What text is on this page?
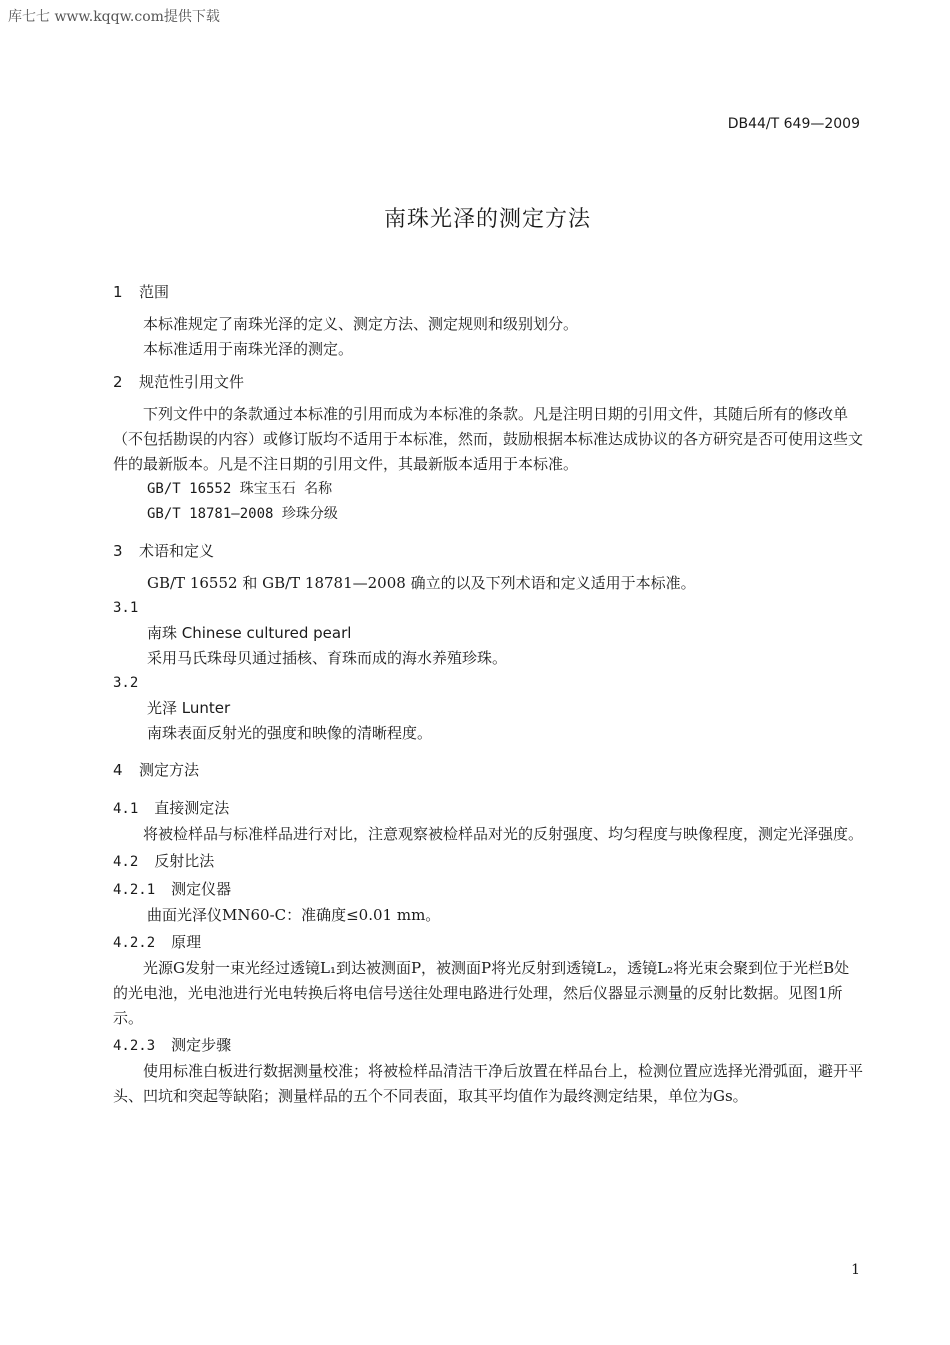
库七七 www.kqqw.com提供下载
DB44/T 649—2009
南珠光泽的测定方法
1 范围

本标准规定了南珠光泽的定义、测定方法、测定规则和级别划分。

本标准适用于南珠光泽的测定。

2 规范性引用文件

下列文件中的条款通过本标准的引用而成为本标准的条款。凡是注明日期的引用文件，其随后所有的修改单（不包括勘误的内容）或修订版均不适用于本标准，然而，鼓励根据本标准达成协议的各方研究是否可使用这些文件的最新版本。凡是不注日期的引用文件，其最新版本适用于本标准。

GB/T 16552 珠宝玉石 名称

GB/T 18781—2008 珍珠分级

3 术语和定义

GB/T 16552 和 GB/T 18781—2008 确立的以及下列术语和定义适用于本标准。

3.1

南珠 Chinese cultured pearl

采用马氏珠母贝通过插核、育珠而成的海水养殖珍珠。

3.2

光泽 Lunter

南珠表面反射光的强度和映像的清晰程度。

4 测定方法
4.1 直接测定法

将被检样品与标准样品进行对比，注意观察被检样品对光的反射强度、均匀程度与映像程度，测定光泽强度。

4.2 反射比法
4.2.1 测定仪器

曲面光泽仪MN60-C：准确度≤0.01 mm。

4.2.2 原理

光源G发射一束光经过透镜L₁到达被测面P，被测面P将光反射到透镜L₂，透镜L₂将光束会聚到位于光栏B处的光电池，光电池进行光电转换后将电信号送往处理电路进行处理，然后仪器显示测量的反射比数据。见图1所示。

4.2.3 测定步骤

使用标准白板进行数据测量校准；将被检样品清洁干净后放置在样品台上，检测位置应选择光滑弧面，避开平头、凹坑和突起等缺陷；测量样品的五个不同表面，取其平均值作为最终测定结果，单位为Gs。

1
